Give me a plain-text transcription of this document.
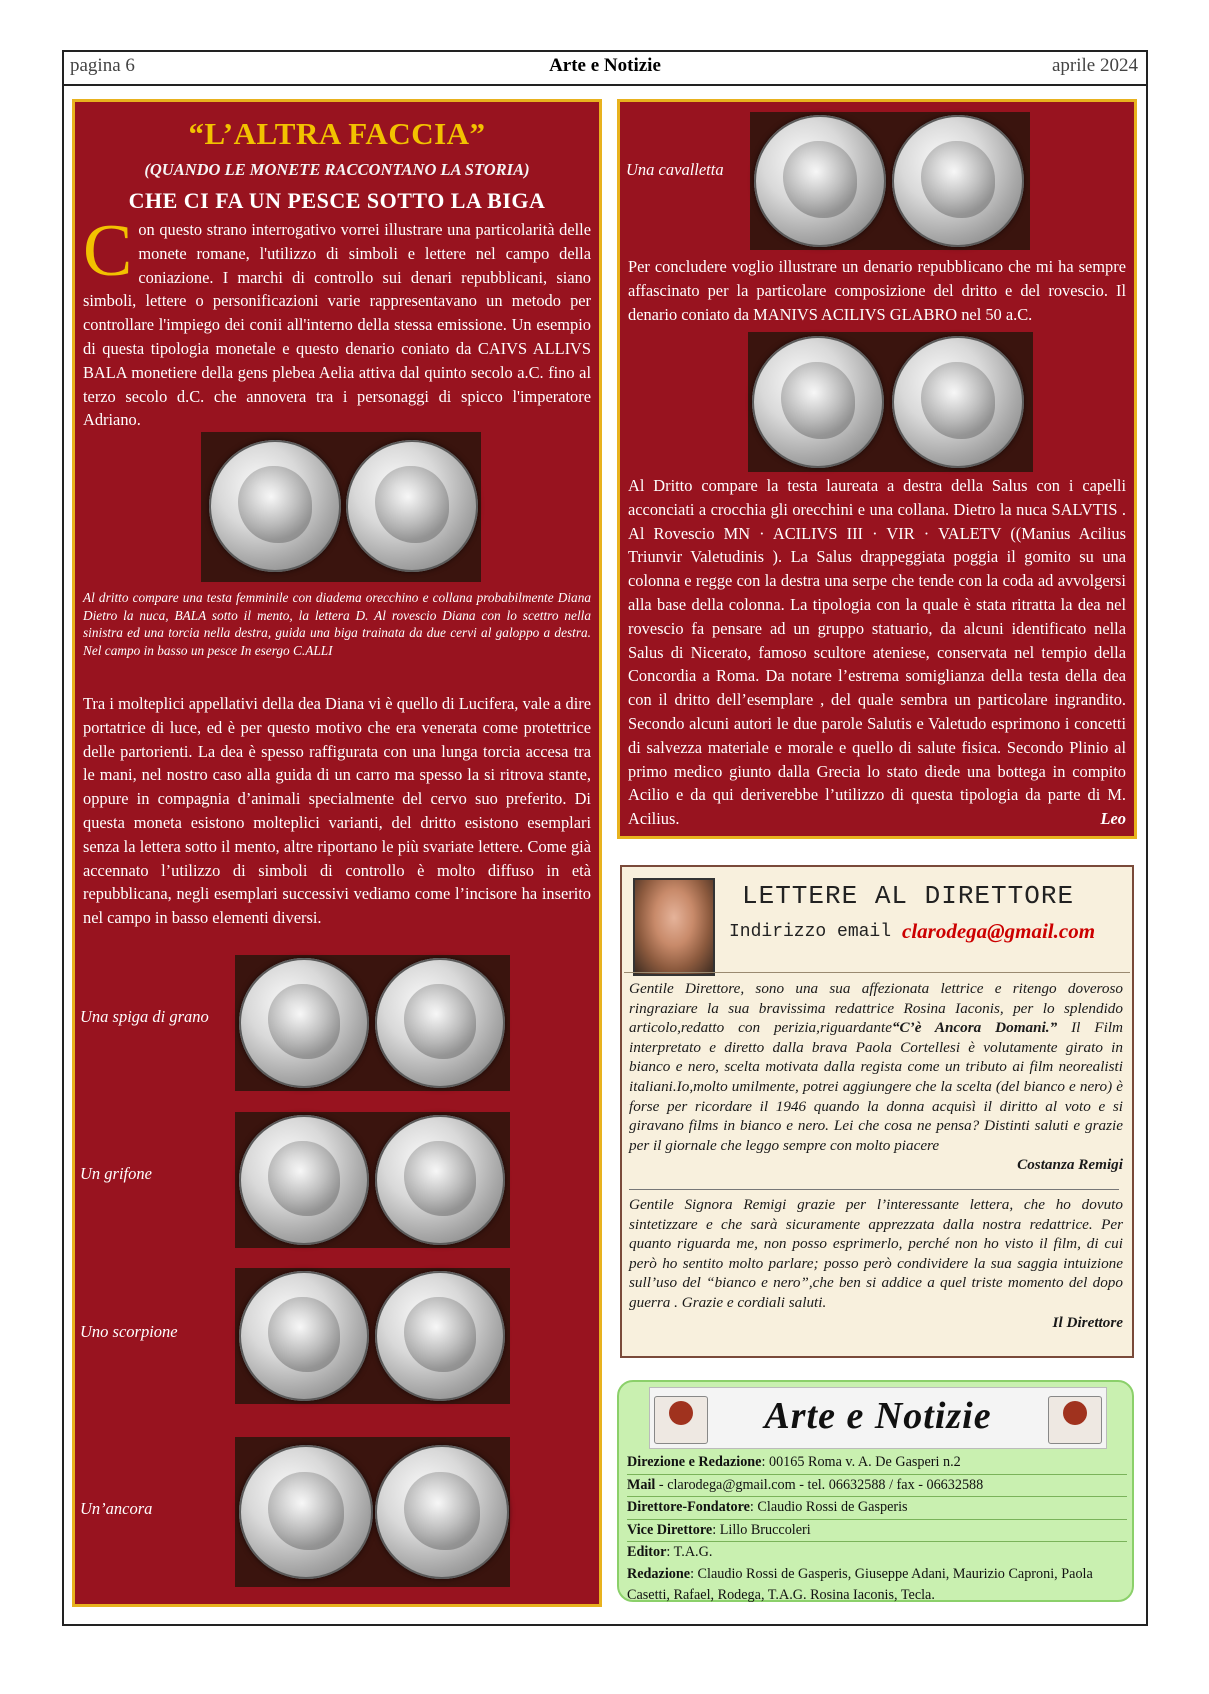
pagina 6	Arte e Notizie	aprile 2024
“L’ALTRA FACCIA”
(QUANDO LE MONETE RACCONTANO LA STORIA)
CHE CI FA UN PESCE SOTTO LA BIGA
Con questo strano interrogativo vorrei illustrare una particolarità delle monete romane, l'utilizzo di simboli e lettere nel campo della coniazione. I marchi di controllo sui denari repubblicani, siano simboli, lettere o personificazioni varie rappresentavano un metodo per controllare l'impiego dei conii all'interno della stessa emissione. Un esempio di questa tipologia monetale e questo denario coniato da CAIVS ALLIVS BALA monetiere della gens plebea Aelia attiva dal quinto secolo a.C. fino al terzo secolo d.C. che annovera tra i personaggi di spicco l'imperatore Adriano.
Al dritto compare una testa femminile con diadema orecchino e collana probabilmente Diana Dietro la nuca, BALA sotto il mento, la lettera D. Al rovescio Diana con lo scettro nella sinistra ed una torcia nella destra, guida una biga trainata da due cervi al galoppo a destra. Nel campo in basso un pesce In esergo C.ALLI
Tra i molteplici appellativi della dea Diana vi è quello di Lucifera, vale a dire portatrice di luce, ed è per questo motivo che era venerata come protettrice delle partorienti. La dea è spesso raffigurata con una lunga torcia accesa tra le mani, nel nostro caso alla guida di un carro ma spesso la si ritrova stante, oppure in compagnia d’animali specialmente del cervo suo preferito. Di questa moneta esistono molteplici varianti, del dritto esistono esemplari senza la lettera sotto il mento, altre riportano le più svariate lettere. Come già accennato l’utilizzo di simboli di controllo è molto diffuso in età repubblicana, negli esemplari successivi vediamo come l’incisore ha inserito nel campo in basso elementi diversi.
Una spiga di grano
Un grifone
Uno scorpione
Un’ancora
Una cavalletta
Per concludere voglio illustrare un denario repubblicano che mi ha sempre affascinato per la particolare composizione del dritto e del rovescio. Il denario coniato da MANIVS ACILIVS GLABRO nel 50 a.C.
Al Dritto compare la testa laureata a destra della Salus con i capelli acconciati a crocchia gli orecchini e una collana. Dietro la nuca SALVTIS . Al Rovescio MN · ACILIVS III · VIR · VALETV ((Manius Acilius Triunvir Valetudinis ). La Salus drappeggiata poggia il gomito su una colonna e regge con la destra una serpe che tende con la coda ad avvolgersi alla base della colonna. La tipologia con la quale è stata ritratta la dea nel rovescio fa pensare ad un gruppo statuario, da alcuni identificato nella Salus di Nicerato, famoso scultore ateniese, conservata nel tempio della Concordia a Roma. Da notare l’estrema somiglianza della testa della dea con il dritto dell’esemplare , del quale sembra un particolare ingrandito. Secondo alcuni autori le due parole Salutis e Valetudo esprimono i concetti di salvezza materiale e morale e quello di salute fisica. Secondo Plinio al primo medico giunto dalla Grecia lo stato diede una bottega in compito Acilio e da qui deriverebbe l’utilizzo di questa tipologia da parte di M. Acilius.	Leo
LETTERE AL DIRETTORE
Indirizzo email clarodega@gmail.com
Gentile Direttore, sono una sua affezionata lettrice e ritengo doveroso ringraziare la sua bravissima redattrice Rosina Iaconis, per lo splendido articolo,redatto con perizia,riguardante“C’è Ancora Domani.” Il Film interpretato e diretto dalla brava Paola Cortellesi è volutamente girato in bianco e nero, scelta motivata dalla regista come un tributo ai film neorealisti italiani.Io,molto umilmente, potrei aggiungere che la scelta (del bianco e nero) è forse per ricordare il 1946 quando la donna acquisì il diritto al voto e si giravano films in bianco e nero. Lei che cosa ne pensa? Distinti saluti e grazie per il giornale che leggo sempre con molto piacere
Costanza Remigi
Gentile Signora Remigi grazie per l’interessante lettera, che ho dovuto sintetizzare e che sarà sicuramente apprezzata dalla nostra redattrice. Per quanto riguarda me, non posso esprimerlo, perché non ho visto il film, di cui però ho sentito molto parlare; posso però condividere la sua saggia intuizione sull’uso del “bianco e nero”,che ben si addice a quel triste momento del dopo guerra . Grazie e cordiali saluti.
Il Direttore
Arte e Notizie
Direzione e Redazione: 00165 Roma v. A. De Gasperi n.2
Mail - clarodega@gmail.com - tel. 06632588 / fax - 06632588
Direttore-Fondatore: Claudio Rossi de Gasperis
Vice Direttore: Lillo Bruccoleri
Editor: T.A.G.
Redazione: Claudio Rossi de Gasperis, Giuseppe Adani, Maurizio Caproni, Paola Casetti, Rafael, Rodega, T.A.G. Rosina Iaconis, Tecla.
